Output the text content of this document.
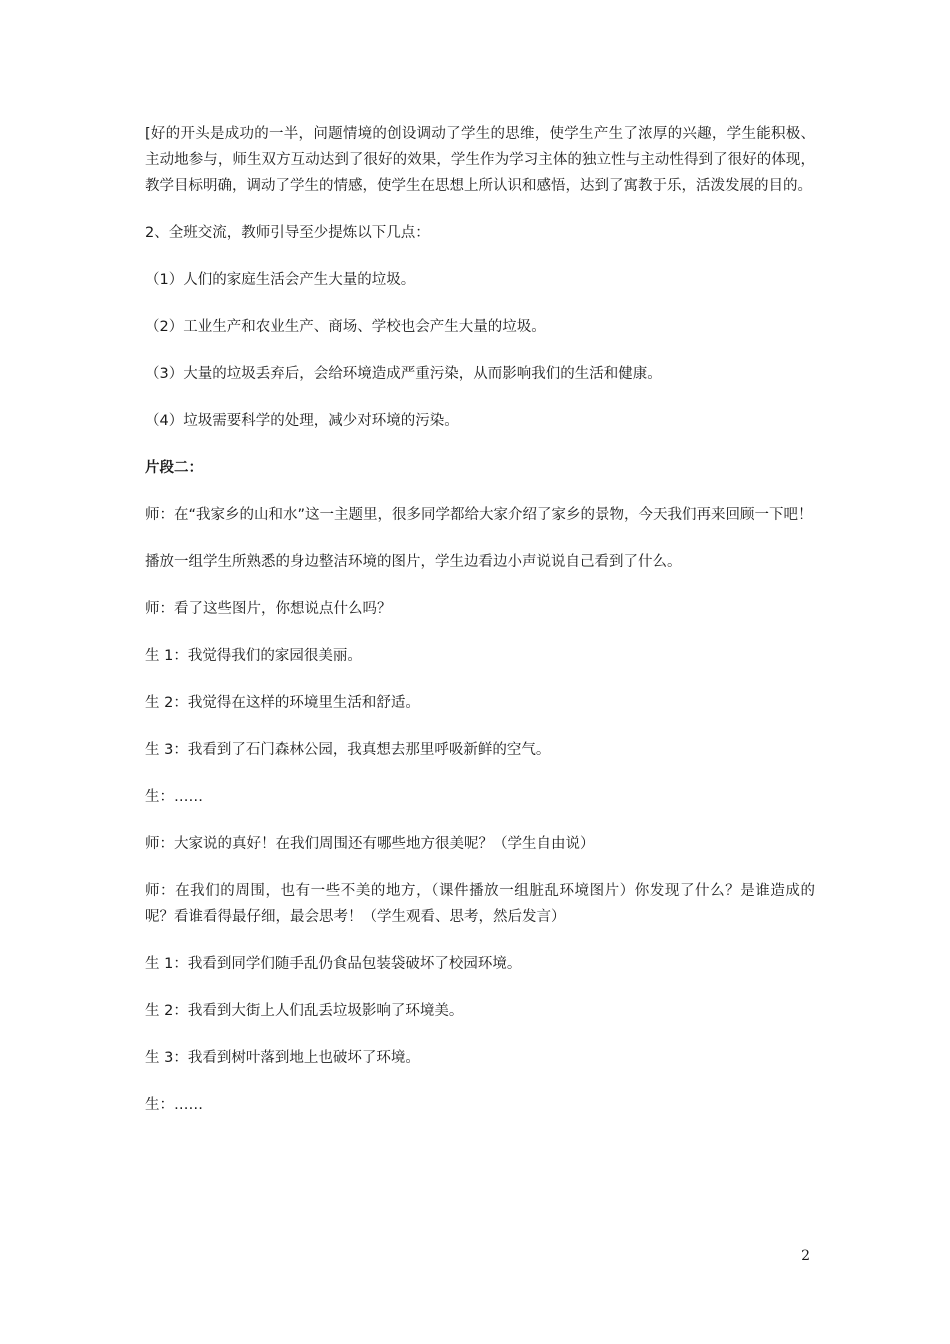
[好的开头是成功的一半，问题情境的创设调动了学生的思维，使学生产生了浓厚的兴趣，学生能积极、主动地参与，师生双方互动达到了很好的效果，学生作为学习主体的独立性与主动性得到了很好的体现，教学目标明确，调动了学生的情感，使学生在思想上所认识和感悟，达到了寓教于乐，活泼发展的目的。

2、全班交流，教师引导至少提炼以下几点：

（1）人们的家庭生活会产生大量的垃圾。

（2）工业生产和农业生产、商场、学校也会产生大量的垃圾。

（3）大量的垃圾丢弃后，会给环境造成严重污染，从而影响我们的生活和健康。

（4）垃圾需要科学的处理，减少对环境的污染。

片段二：

师：在“我家乡的山和水”这一主题里，很多同学都给大家介绍了家乡的景物，今天我们再来回顾一下吧！

播放一组学生所熟悉的身边整洁环境的图片，学生边看边小声说说自己看到了什么。

师：看了这些图片，你想说点什么吗？

生 1：我觉得我们的家园很美丽。

生 2：我觉得在这样的环境里生活和舒适。

生 3：我看到了石门森林公园，我真想去那里呼吸新鲜的空气。

生：……

师：大家说的真好！在我们周围还有哪些地方很美呢？（学生自由说）

师：在我们的周围，也有一些不美的地方，（课件播放一组脏乱环境图片）你发现了什么？是谁造成的呢？看谁看得最仔细，最会思考！（学生观看、思考，然后发言）

生 1：我看到同学们随手乱仍食品包装袋破坏了校园环境。

生 2：我看到大街上人们乱丢垃圾影响了环境美。

生 3：我看到树叶落到地上也破坏了环境。

生：……

2
